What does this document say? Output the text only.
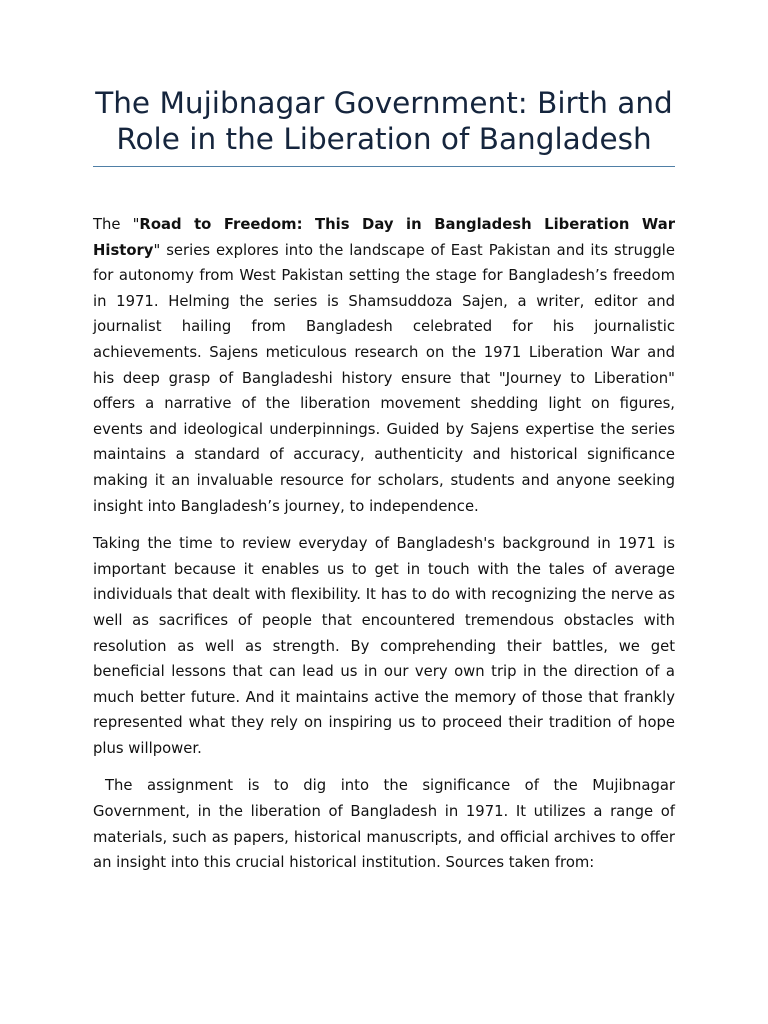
The Mujibnagar Government: Birth and Role in the Liberation of Bangladesh

The "Road to Freedom: This Day in Bangladesh Liberation War History" series explores into the landscape of East Pakistan and its struggle for autonomy from West Pakistan setting the stage for Bangladesh’s freedom in 1971. Helming the series is Shamsuddoza Sajen, a writer, editor and journalist hailing from Bangladesh celebrated for his journalistic achievements. Sajens meticulous research on the 1971 Liberation War and his deep grasp of Bangladeshi history ensure that "Journey to Liberation" offers a narrative of the liberation movement shedding light on figures, events and ideological underpinnings. Guided by Sajens expertise the series maintains a standard of accuracy, authenticity and historical significance making it an invaluable resource for scholars, students and anyone seeking insight into Bangladesh’s journey, to independence.

Taking the time to review everyday of Bangladesh's background in 1971 is important because it enables us to get in touch with the tales of average individuals that dealt with flexibility. It has to do with recognizing the nerve as well as sacrifices of people that encountered tremendous obstacles with resolution as well as strength. By comprehending their battles, we get beneficial lessons that can lead us in our very own trip in the direction of a much better future. And it maintains active the memory of those that frankly represented what they rely on inspiring us to proceed their tradition of hope plus willpower.

The assignment is to dig into the significance of the Mujibnagar Government, in the liberation of Bangladesh in 1971. It utilizes a range of materials, such as papers, historical manuscripts, and official archives to offer an insight into this crucial historical institution. Sources taken from:
